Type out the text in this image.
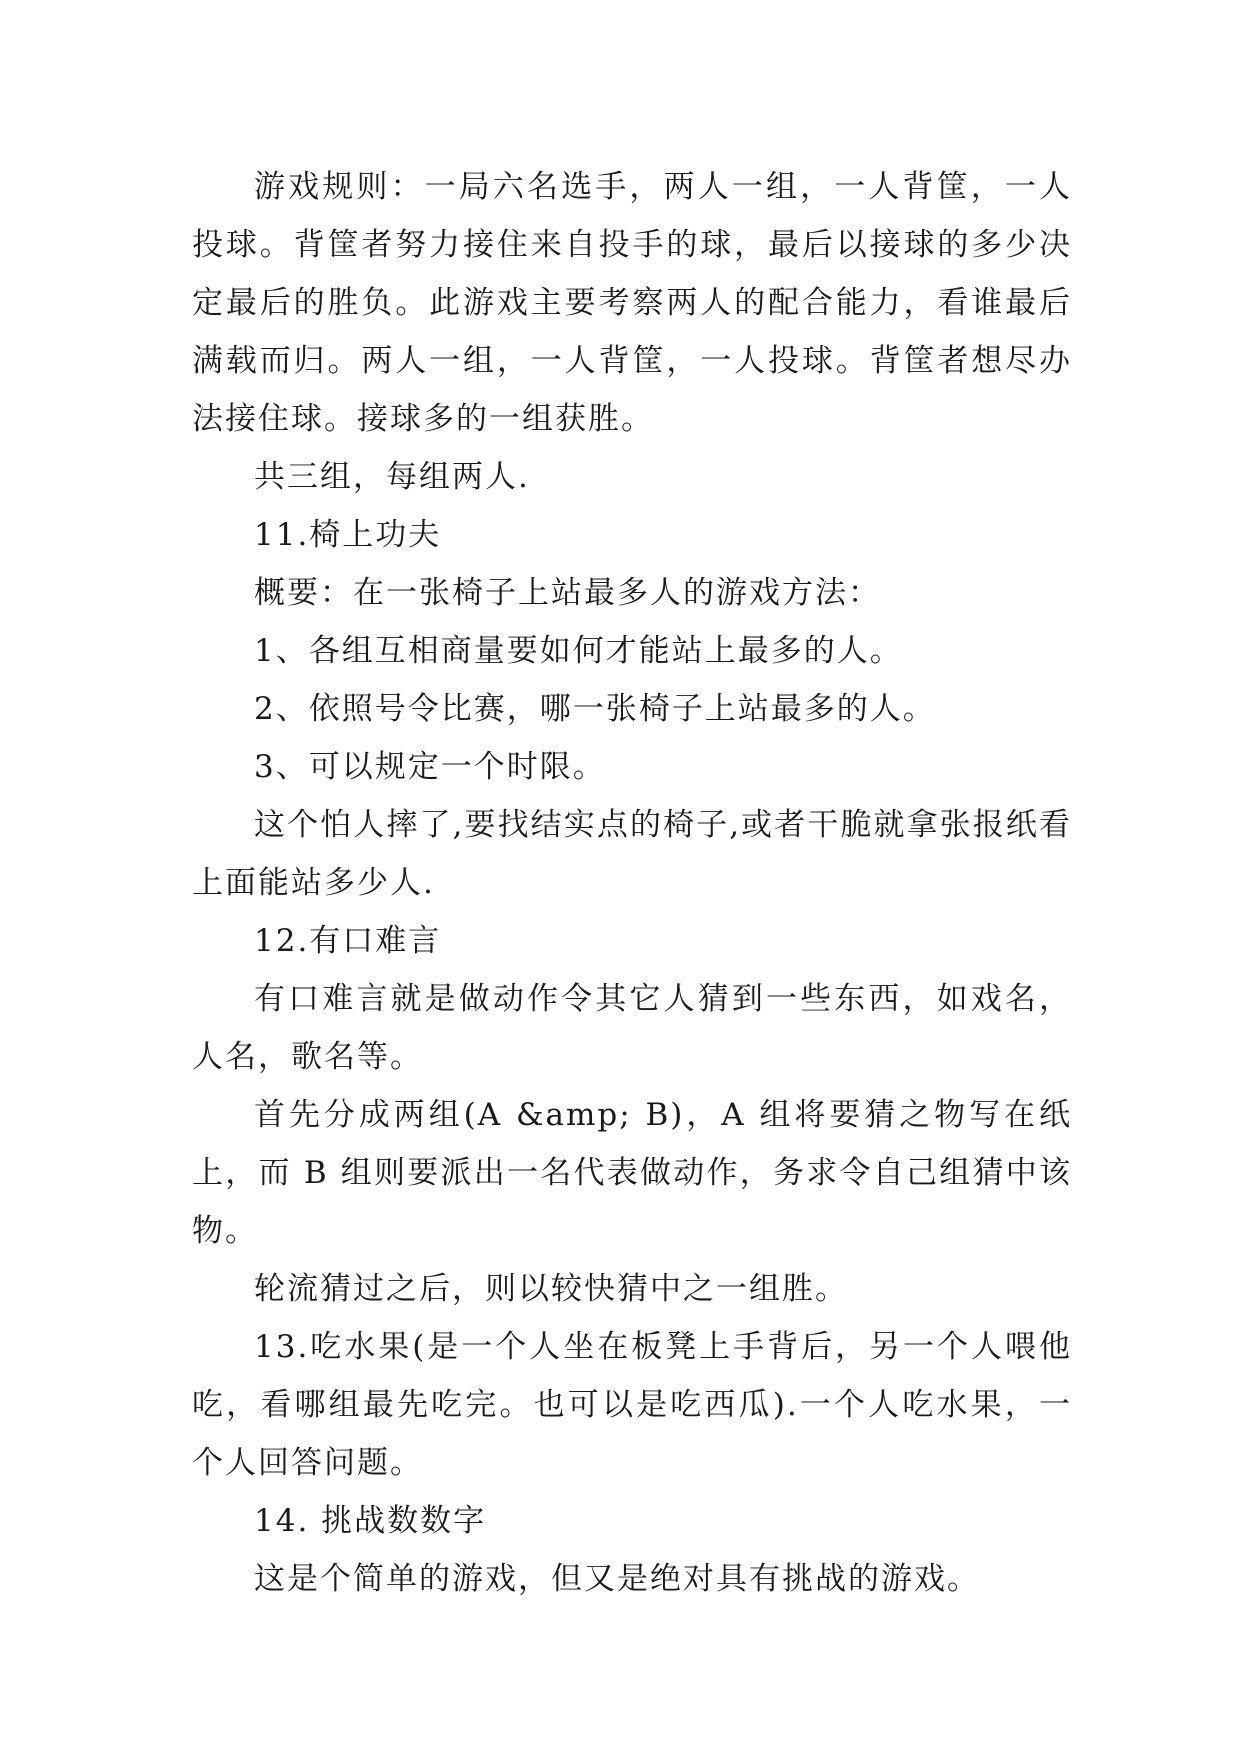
游戏规则：一局六名选手，两人一组，一人背筐，一人投球。背筐者努力接住来自投手的球，最后以接球的多少决定最后的胜负。此游戏主要考察两人的配合能力，看谁最后满载而归。两人一组，一人背筐，一人投球。背筐者想尽办法接住球。接球多的一组获胜。

共三组，每组两人.

11.椅上功夫

概要：在一张椅子上站最多人的游戏方法：

1、各组互相商量要如何才能站上最多的人。

2、依照号令比赛，哪一张椅子上站最多的人。

3、可以规定一个时限。

这个怕人摔了,要找结实点的椅子,或者干脆就拿张报纸看上面能站多少人.

12.有口难言

有口难言就是做动作令其它人猜到一些东西，如戏名，人名，歌名等。

首先分成两组(A &amp; B)，A 组将要猜之物写在纸上，而 B 组则要派出一名代表做动作，务求令自己组猜中该物。

轮流猜过之后，则以较快猜中之一组胜。

13.吃水果(是一个人坐在板凳上手背后，另一个人喂他吃，看哪组最先吃完。也可以是吃西瓜).一个人吃水果，一个人回答问题。

14. 挑战数数字

这是个简单的游戏，但又是绝对具有挑战的游戏。
